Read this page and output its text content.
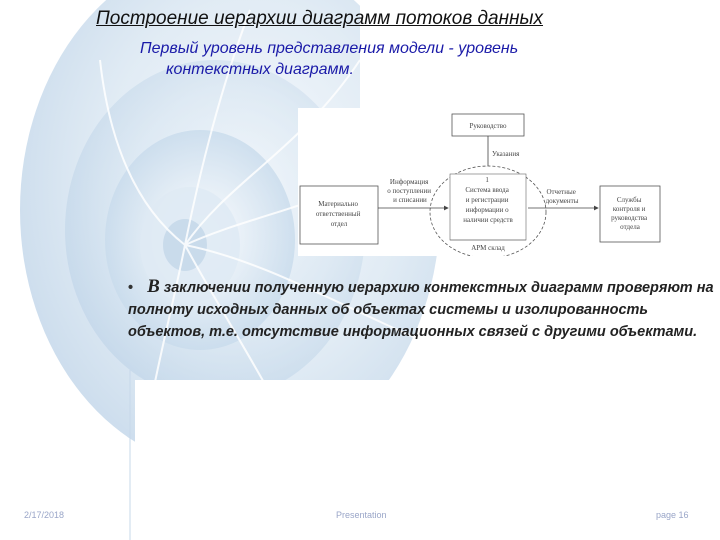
Построение иерархии диаграмм потоков данных
Первый уровень представления модели - уровень
контекстных диаграмм.
Руководство
Указания
1 Система ввода и регистрации информации о наличии средств
АРМ склад
Материально ответственный отдел
Информация о поступлении и списании
Отчетные документы	Службы контроля и руководства отдела
• В заключении полученную иерархию контекстных диаграмм проверяют на полноту исходных данных об объектах системы и изолированность объектов, т.е. отсутствие информационных связей с другими объектами.
2/17/2018	Presentation	page 16
